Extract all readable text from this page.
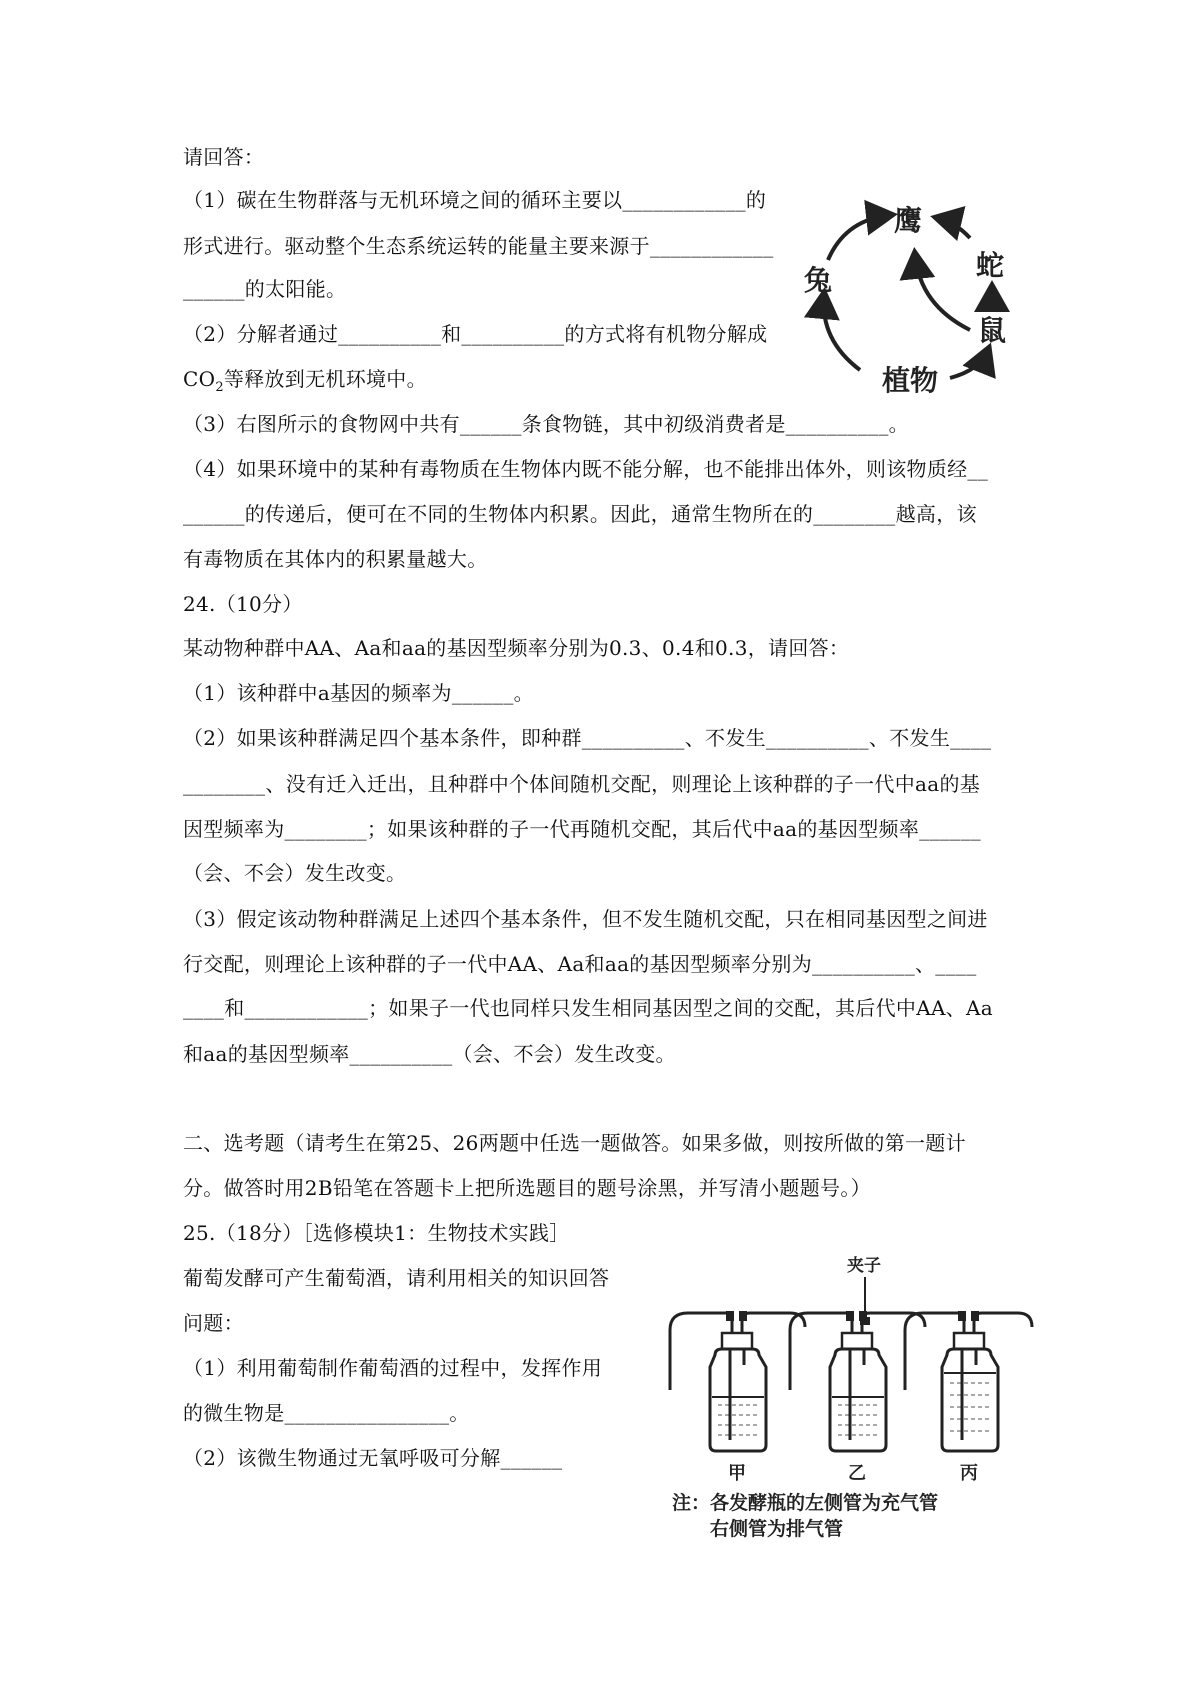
请回答：
（1）碳在生物群落与无机环境之间的循环主要以____________的
形式进行。驱动整个生态系统运转的能量主要来源于____________
______的太阳能。
（2）分解者通过__________和__________的方式将有机物分解成
$CO_2$等释放到无机环境中。
（3）右图所示的食物网中共有______条食物链，其中初级消费者是__________。
（4）如果环境中的某种有毒物质在生物体内既不能分解，也不能排出体外，则该物质经__
______的传递后，便可在不同的生物体内积累。因此，通常生物所在的________越高，该
有毒物质在其体内的积累量越大。
鹰
蛇
兔
鼠
植物
24.（10分）
某动物种群中AA、Aa和aa的基因型频率分别为0.3、0.4和0.3，请回答：
（1）该种群中a基因的频率为______。
（2）如果该种群满足四个基本条件，即种群__________、不发生__________、不发生____
________、没有迁入迁出，且种群中个体间随机交配，则理论上该种群的子一代中aa的基
因型频率为________；如果该种群的子一代再随机交配，其后代中aa的基因型频率______
（会、不会）发生改变。
（3）假定该动物种群满足上述四个基本条件，但不发生随机交配，只在相同基因型之间进
行交配，则理论上该种群的子一代中AA、Aa和aa的基因型频率分别为__________、____
____和____________；如果子一代也同样只发生相同基因型之间的交配，其后代中AA、Aa
和aa的基因型频率__________（会、不会）发生改变。
二、选考题（请考生在第25、26两题中任选一题做答。如果多做，则按所做的第一题计
分。做答时用2B铅笔在答题卡上把所选题目的题号涂黑，并写清小题题号。）
25.（18分）［选修模块1：生物技术实践］
葡萄发酵可产生葡萄酒，请利用相关的知识回答
问题：
（1）利用葡萄制作葡萄酒的过程中，发挥作用
的微生物是________________。
（2）该微生物通过无氧呼吸可分解______
夹子
甲	乙	丙
注：各发酵瓶的左侧管为充气管
右侧管为排气管
